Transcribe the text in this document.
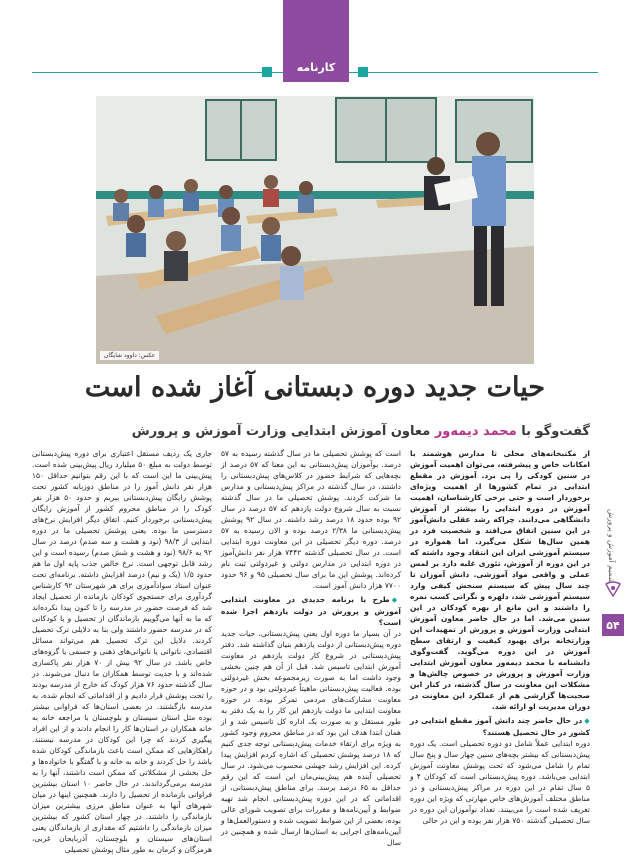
کارنامه
شمیم آموزش و پرورش
۵۴
عکس: داوود شایگان
حیات جدید دوره دبستانی آغاز شده است
گفت‌وگو با محمد دیمه‌ور معاون آموزش ابتدایی وزارت آموزش و پرورش

از مکتبخانه‌های محلی تا مدارس هوشمند با امکانات خاص و پیشرفته، می‌توان اهمیت آموزش در سنین کودکی را پی برد. آموزش در مقطع ابتدایی در تمام کشورها از اهمیت ویژه‌ای برخوردار است و حتی برخی کارشناسان، اهمیت آموزش در دوره ابتدایی را بیشتر از آموزش دانشگاهی می‌دانند. چراکه رشد عقلی دانش‌آموز در این سنین اتفاق می‌افتد و شخصیت فرد در همین سال‌ها شکل می‌گیرد. اما همواره در سیستم آموزشی ایران این انتقاد وجود داشته که در این دوره از آموزش، تئوری غلبه دارد بر لمس عملی و واقعی مواد آموزشی. دانش آموزان تا چند سال پیش که سیستم سنجش کیفی وارد سیستم آموزشی شد، دلهره و نگرانی کسب نمره را داشتند و این مانع از بهره کودکان در این سنین می‌شد. اما در حال حاضر معاون آموزش ابتدایی وزارت آموزش و پرورش از تمهیدات این وزارتخانه برای بهبود کیفیت و ارتقای سطح آموزش در این دوره می‌گوید. گفت‌وگوی دانشنامه با محمد دیمه‌ور معاون آموزش ابتدایی وزارت آموزش و پرورش در خصوص چالش‌ها و مشکلات این معاونت در سال گذشته، در کنار این صحبت‌ها گزارشی هم از عملکرد این معاونت در دوران مدیریت او ارائه شد.

◆در حال حاضر چند دانش آموز مقطع ابتدایی در کشور در حال تحصیل هستند؟

دوره ابتدایی عملاً شامل دو دوره تحصیلی است. یک دوره پیش‌دبستانی که بیشتر بچه‌های سنین چهار سال و پنج سال تمام را شامل می‌شود که تحت پوشش معاونت آموزش ابتدایی می‌باشد. دوره پیش‌دبستانی است که کودکان ۴ و ۵ سال تمام در این دوره در مراکز پیش‌دبستانی و در مناطق مختلف آموزش‌های خاص مهارتی که ویژه این دوره تعریف شده است را می‌بینند. تعداد نوآموزان این دوره در سال تحصیلی گذشته ۷۵۰ هزار نفر بوده و این در حالی

است که پوشش تحصیلی ما در سال گذشته رسیده به ۵۷ درصد. بوآموزان پیش‌دبستانی به این معنا که ۵۷ درصد از بچه‌هایی که شرایط حضور در کلاس‌های پیش‌دبستانی را داشتند، در سال گذشته در مراکز پیش‌دبستانی و مدارس ما شرکت کردند. پوشش تحصیلی ما در سال گذشته نسبت به سال شروع دولت یازدهم که ۵۷ درصد در سال ۹۲ بوده حدود ۱۸ درصد رشد داشته. در سال ۹۲ پوشش پیش‌دبستانی ما ۲/۳۸ درصد بوده و الان رسیده به ۵۷ درصد. دوره دیگر تحصیلی در این معاونت دوره ابتدایی است. در سال تحصیلی گذشته ۷۴۴۲ هزار نفر دانش‌آموز در دوره ابتدایی در مدارس دولتی و غیردولتی ثبت نام کرده‌اند. پوشش این ما برای سال تحصیلی ۹۵ و ۹۶ حدود ۷۷۰۰ هزار دانش آموز است.

◆طرح یا برنامه جدیدی در معاونت ابتدایی آموزش و پرورش در دولت یازدهم اجرا شده است؟

در آن بسیار ما دوره اول یعنی پیش‌دبستانی، حیات جدید دوره پیش‌دبستانی از دولت یازدهم بنیان گذاشته شد. دفتر پیش‌دبستانی در شروع کار دولت یازدهم در معاونت آموزش ابتدایی تاسیس شد. قبل از آن هم چنین بخشی وجود داشت اما به صورت زیرمجموعه بخش غیردولتی بوده. فعالیت پیش‌دبستانی ماهیتاً غیردولتی بود و در حوزه معاونت مشارکت‌های مردمی تمرکز بوده. در حوزه معاونت ابتدایی ما دولت یازدهم این کار را به یک دفتر به طور مستقل و به صورت یک اداره کل تاسیس شد و از همان ابتدا هدف این بود که در مناطق محروم وجود کشور به ویژه برای ارتقاء خدمات پیش‌دبستانی توجه جدی کنیم که ۱۸ درصد پوشش تحصیلی که اشاره کردم افزایش پیدا کرده. این افزایش رشد جهشی محسوب می‌شود. در سال تحصیلی آینده هم پیش‌بینی‌مان این است که این رقم حداقل به ۶۵ درصد برسد. برای مناطق پیش‌دبستانی، از اقداماتی که در این دوره پیش‌دبستانی انجام شد تهیه ضوابط و آیین‌نامه‌ها و مقررات برای تصویب شورای عالی بوده، بعضی از این ضوابط تصویب شده و دستورالعمل‌ها و آیین‌نامه‌های اجرایی به استان‌ها ارسال شده و همچنین در سال

جاری یک ردیف مستقل اعتباری برای دوره پیش‌دبستانی توسط دولت به مبلغ ۵۰ میلیارد ریال پیش‌بینی شده است. پیش‌بینی ما این است که با این رقم بتوانیم حداقل ۱۵۰ هزار نفر دانش آموز را در مناطق دوزبانه کشور تحت پوشش رایگان پیش‌دبستانی ببریم و حدود ۵۰ هزار نفر کودک را در مناطق محروم کشور از آموزش رایگان پیش‌دبستانی برخوردار کنیم. اتفاق دیگر افزایش نرخ‌های دسترسی ما بوده. یعنی پوشش تحصیلی ما در دوره ابتدایی از ۹۸/۳ (نود و هشت و سه صدم) درصد در سال ۹۲ به ۹۸/۶ (نود و هشت و شش صدم) رسیده است و این رشد قابل توجهی است. نرخ خالص جذب پایه اول ما هم حدود ۱/۵ (یک و نیم) درصد افزایش داشته. برنامه‌ای تحت عنوان استاد سوادآموزی برای هر شهرستان ۹۲ کارشناس گردآوری برای جستجوی کودکان بازمانده از تحصیل ایجاد شد که فرصت حضور در مدرسه را تا کنون پیدا نکرده‌اند که ما به آنها می‌گوییم بازماندگان از تحصیل و یا کودکانی که در مدرسه حضور داشتند ولی بنا به دلایلی ترک تحصیل کردند. دلایل این ترک تحصیل هم می‌تواند مسائل اقتصادی، ناتوانی یا ناتوانی‌های ذهنی و جسمی یا گروه‌های خاص باشد. در سال ۹۲ بیش از ۷۰ هزار نفر پاکسازی شده‌اند و با جدیت توسط همکاران ما دنبال می‌شوند. در سال گذشته حدود ۷۶ هزار کودک که خارج از مدرسه بودند را تحت پوشش قرار دادیم و از اقداماتی که انجام شده، به مدرسه بازگشتند. در بعضی استان‌ها که فراوانی بیشتر بوده مثل استان سیستان و بلوچستان با مراجعه خانه به خانه همکاران در استان‌ها کار را انجام دادند و از این افراد پیگیری کردند که چرا این کودکان در مدرسه نیستند. راهکارهایی که ممکن است باعث بازماندگی کودکان شده باشد را حل کردند و خانه به خانه و با گفتگو با خانواده‌ها و حل بخشی از مشکلاتی که ممکن است داشتند، آنها را به مدرسه برمی‌گرداندند. در حال حاضر ۱۰ استان بیشترین فراوانی بازمانده از تحصیل را دارند. همچنین اینها در میان شهرهای آنها به عنوان مناطق مرزی بیشترین میزان بازماندگی را داشتند. در چهار استان کشور که بیشترین میزان بازماندگی را داشتیم که مقداری از بازماندگان یعنی استان‌های سیستان و بلوچستان، آذربایجان غربی، هرمزگان و کرمان به طور مثال پوشش تحصیلی
